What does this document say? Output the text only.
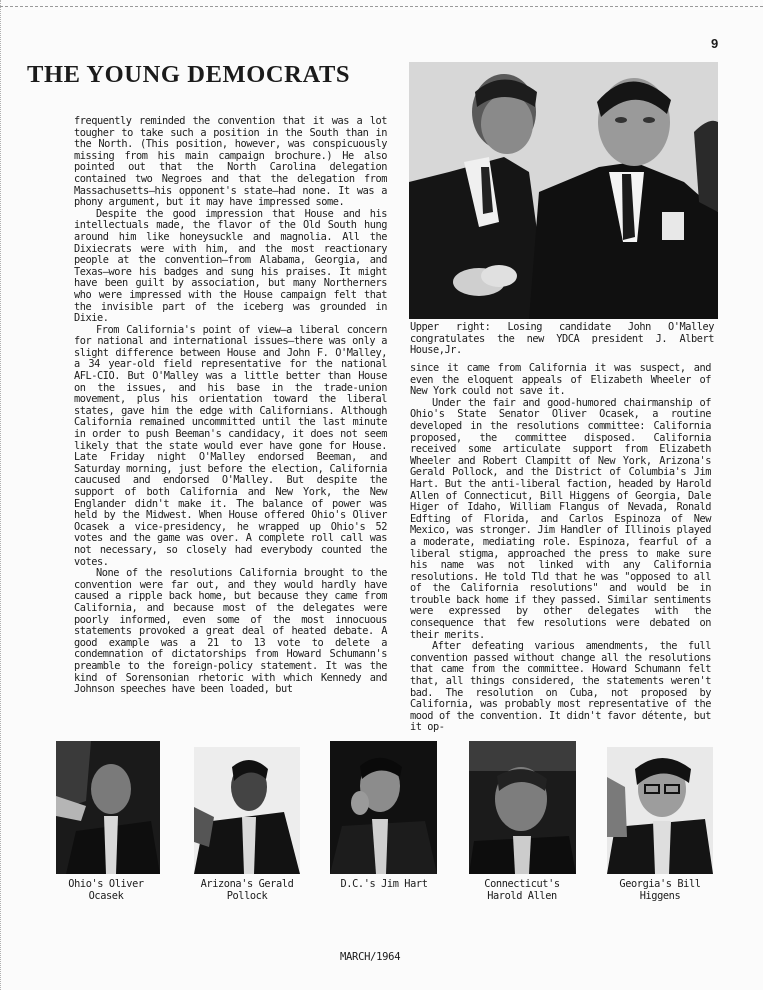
9
THE YOUNG DEMOCRATS

frequently reminded the convention that it was a lot tougher to take such a position in the South than in the North. (This position, however, was conspicuously missing from his main campaign brochure.) He also pointed out that the North Carolina delegation contained two Negroes and that the delegation from Massachusetts—his opponent's state—had none. It was a phony argument, but it may have impressed some.

Despite the good impression that House and his intellectuals made, the flavor of the Old South hung around him like honeysuckle and magnolia. All the Dixiecrats were with him, and the most reactionary people at the convention—from Alabama, Georgia, and Texas—wore his badges and sung his praises. It might have been guilt by association, but many Northerners who were impressed with the House campaign felt that the invisible part of the iceberg was grounded in Dixie.

From California's point of view—a liberal concern for national and international issues—there was only a slight difference between House and John F. O'Malley, a 34 year-old field representative for the national AFL-CIO. But O'Malley was a little better than House on the issues, and his base in the trade-union movement, plus his orientation toward the liberal states, gave him the edge with Californians. Although California remained uncommitted until the last minute in order to push Beeman's candidacy, it does not seem likely that the state would ever have gone for House. Late Friday night O'Malley endorsed Beeman, and Saturday morning, just before the election, California caucused and endorsed O'Malley. But despite the support of both California and New York, the New Englander didn't make it. The balance of power was held by the Midwest. When House offered Ohio's Oliver Ocasek a vice-presidency, he wrapped up Ohio's 52 votes and the game was over. A complete roll call was not necessary, so closely had everybody counted the votes.

None of the resolutions California brought to the convention were far out, and they would hardly have caused a ripple back home, but because they came from California, and because most of the delegates were poorly informed, even some of the most innocuous statements provoked a great deal of heated debate. A good example was a 21 to 13 vote to delete a condemnation of dictatorships from Howard Schumann's preamble to the foreign-policy statement. It was the kind of Sorensonian rhetoric with which Kennedy and Johnson speeches have been loaded, but

Upper right: Losing candidate John O'Malley congratulates the new YDCA president J. Albert House,Jr.

since it came from California it was suspect, and even the eloquent appeals of Elizabeth Wheeler of New York could not save it.

Under the fair and good-humored chairmanship of Ohio's State Senator Oliver Ocasek, a routine developed in the resolutions committee: California proposed, the committee disposed. California received some articulate support from Elizabeth Wheeler and Robert Clampitt of New York, Arizona's Gerald Pollock, and the District of Columbia's Jim Hart. But the anti-liberal faction, headed by Harold Allen of Connecticut, Bill Higgens of Georgia, Dale Higer of Idaho, William Flangus of Nevada, Ronald Edfting of Florida, and Carlos Espinoza of New Mexico, was stronger. Jim Handler of Illinois played a moderate, mediating role. Espinoza, fearful of a liberal stigma, approached the press to make sure his name was not linked with any California resolutions. He told Tld that he was "opposed to all of the California resolutions" and would be in trouble back home if they passed. Similar sentiments were expressed by other delegates with the consequence that few resolutions were debated on their merits.

After defeating various amendments, the full convention passed without change all the resolutions that came from the committee. Howard Schumann felt that, all things considered, the statements weren't bad. The resolution on Cuba, not proposed by California, was probably most representative of the mood of the convention. It didn't favor détente, but it op-

Ohio's Oliver
Ocasek
Arizona's Gerald
Pollock
D.C.'s Jim Hart	Connecticut's
Harold Allen
Georgia's Bill
Higgens
MARCH/1964
